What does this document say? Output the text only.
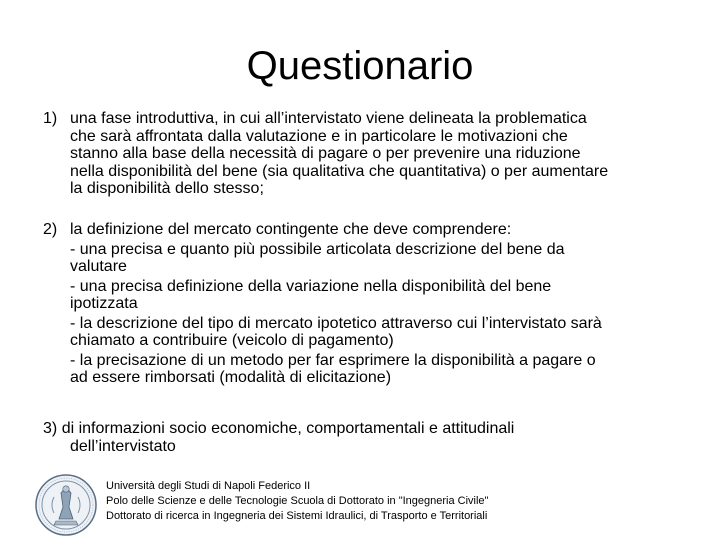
Questionario
1) una fase introduttiva, in cui all’intervistato viene delineata la problematica
che sarà affrontata dalla valutazione e in particolare le motivazioni che
stanno alla base della necessità di pagare o per prevenire una riduzione
nella disponibilità del bene (sia qualitativa che quantitativa) o per aumentare
la disponibilità dello stesso;
2) la definizione del mercato contingente che deve comprendere:
- una precisa e quanto più possibile articolata descrizione del bene da
valutare
- una precisa definizione della variazione nella disponibilità del bene
ipotizzata
- la descrizione del tipo di mercato ipotetico attraverso cui l’intervistato sarà
chiamato a contribuire (veicolo di pagamento)
- la precisazione di un metodo per far esprimere la disponibilità a pagare o
ad essere rimborsati (modalità di elicitazione)
3) di informazioni socio economiche, comportamentali e attitudinali
dell’intervistato
Università degli Studi di Napoli Federico II
Polo delle Scienze e delle Tecnologie Scuola di Dottorato in "Ingegneria Civile"
Dottorato di ricerca in Ingegneria dei Sistemi Idraulici, di Trasporto e Territoriali
